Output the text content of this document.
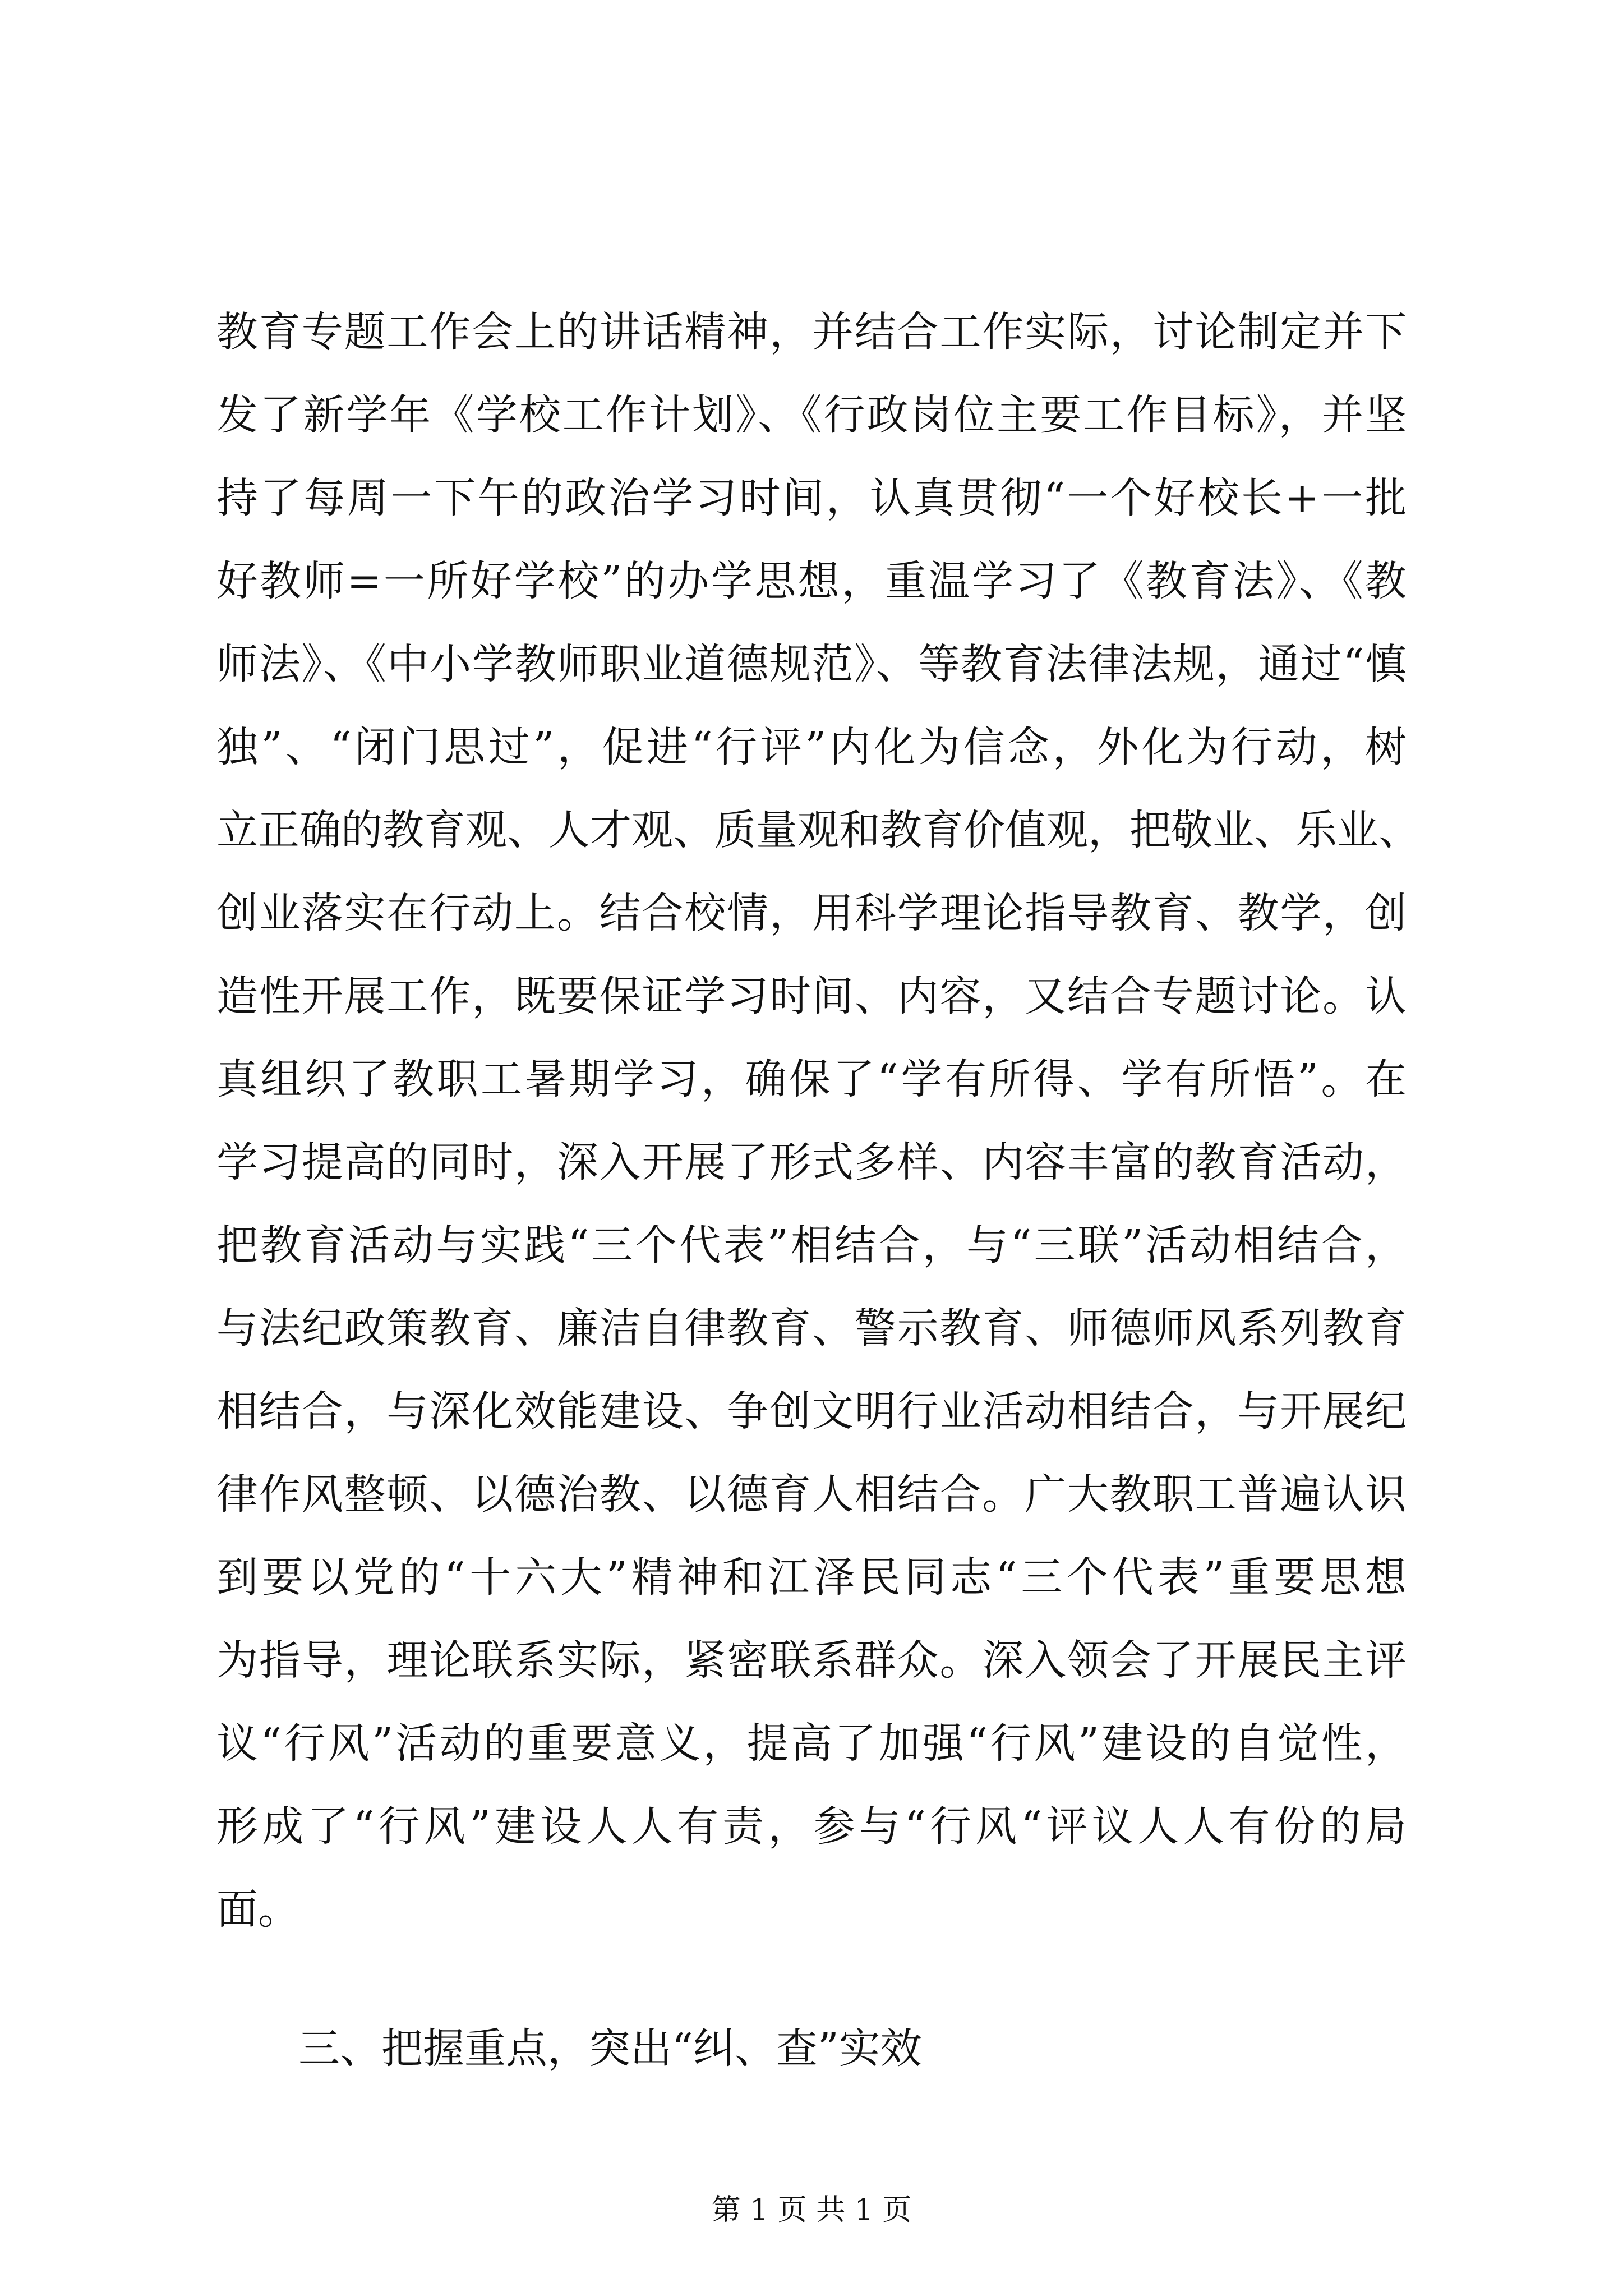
教育专题工作会上的讲话精神，并结合工作实际，讨论制定并下
发了新学年《学校工作计划》、《行政岗位主要工作目标》，并坚
持了每周一下午的政治学习时间，认真贯彻“一个好校长+一批
好教师=一所好学校”的办学思想，重温学习了《教育法》、《教
师法》、《中小学教师职业道德规范》、等教育法律法规，通过“慎
独”、“闭门思过”，促进“行评”内化为信念，外化为行动，树
立正确的教育观、人才观、质量观和教育价值观，把敬业、乐业、
创业落实在行动上。结合校情，用科学理论指导教育、教学，创
造性开展工作，既要保证学习时间、内容，又结合专题讨论。认
真组织了教职工暑期学习，确保了“学有所得、学有所悟”。在
学习提高的同时，深入开展了形式多样、内容丰富的教育活动，
把教育活动与实践“三个代表”相结合，与“三联”活动相结合，
与法纪政策教育、廉洁自律教育、警示教育、师德师风系列教育
相结合，与深化效能建设、争创文明行业活动相结合，与开展纪
律作风整顿、以德治教、以德育人相结合。广大教职工普遍认识
到要以党的“十六大”精神和江泽民同志“三个代表”重要思想
为指导，理论联系实际，紧密联系群众。深入领会了开展民主评
议“行风”活动的重要意义，提高了加强“行风”建设的自觉性，
形成了“行风”建设人人有责，参与“行风“评议人人有份的局
面。
三、把握重点，突出“纠、查”实效
第 1 页 共 1 页
